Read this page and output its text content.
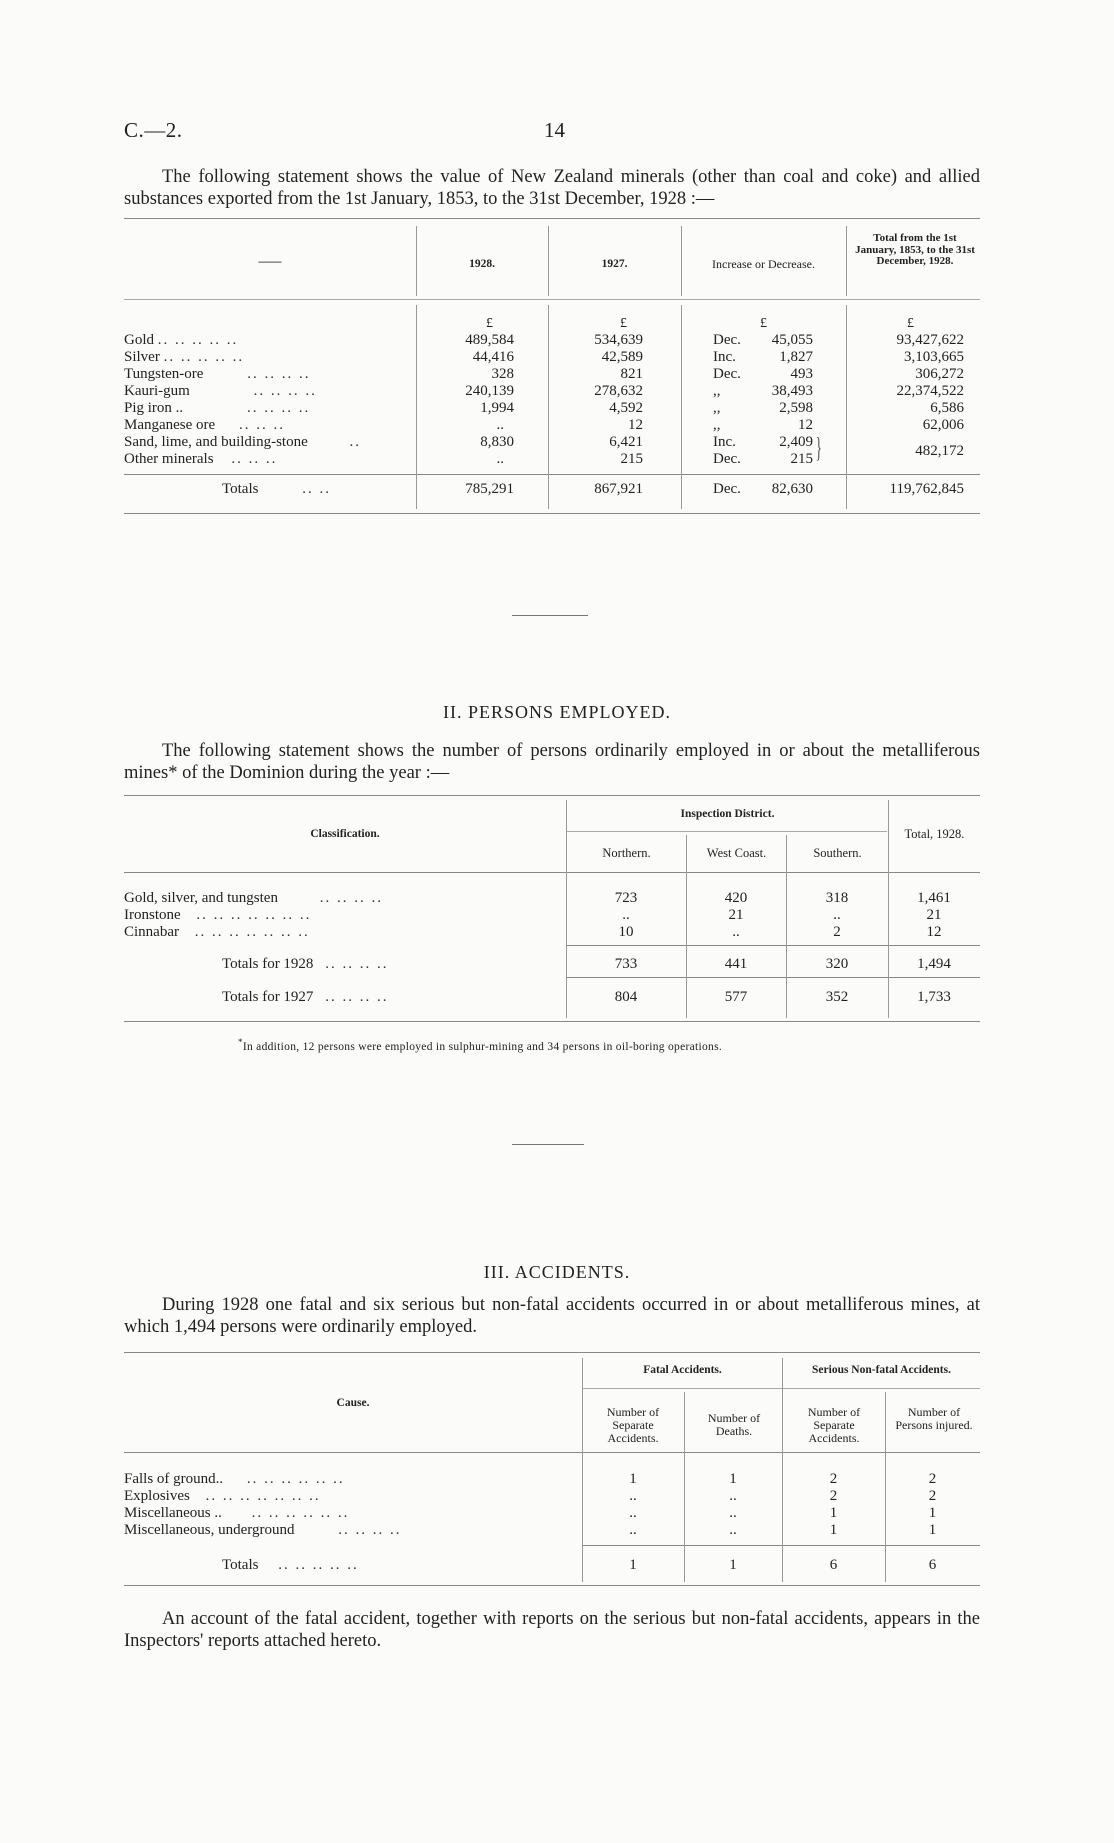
C.—2.	14
The following statement shows the value of New Zealand minerals (other than coal and coke) and allied substances exported from the 1st January, 1853, to the 31st December, 1928 :—
——	1928.	1927.	Increase or Decrease.
Total from the 1st January, 1853, to the 31st December, 1928.
£	£	£	£
Gold .. .. .. .. ..	489,584	534,639	Dec.	45,055	93,427,622
Silver .. .. .. .. ..	44,416	42,589	Inc.	1,827	3,103,665
Tungsten-ore .. .. .. ..	328	821	Dec.	493	306,272
Kauri-gum .. .. .. ..	240,139	278,632	,,	38,493	22,374,522
Pig iron .. .. .. .. ..	1,994	4,592	,,	2,598	6,586
Manganese ore .. .. ..	..	12	,,	12	62,006
Sand, lime, and building-stone ..	8,830	6,421	Inc.	2,409	482,172
Other minerals .. .. ..	..	215	Dec.	215	}
Totals	.. ..	785,291	867,921	Dec.	82,630	119,762,845
II. PERSONS EMPLOYED.
The following statement shows the number of persons ordinarily employed in or about the metalliferous mines* of the Dominion during the year :—
Classification.
Inspection District.
Northern.	West Coast.	Southern.
Total, 1928.
Gold, silver, and tungsten .. .. .. ..	723	420	318	1,461
Ironstone .. .. .. .. .. .. ..	..	21	..	21
Cinnabar .. .. .. .. .. .. ..	10	..	2	12
Totals for 1928 .. .. .. ..	733	441	320	1,494
Totals for 1927 .. .. .. ..	804	577	352	1,733
*In addition, 12 persons were employed in sulphur-mining and 34 persons in oil-boring operations.
III. ACCIDENTS.
During 1928 one fatal and six serious but non-fatal accidents occurred in or about metalliferous mines, at which 1,494 persons were ordinarily employed.
Cause.
Fatal Accidents.	Serious Non-fatal Accidents.
Number of Separate Accidents.
Number of Deaths.
Number of Separate Accidents.
Number of Persons injured.
Falls of ground.. .. .. .. .. .. ..	1	1	2	2
Explosives .. .. .. .. .. .. ..	..	..	2	2
Miscellaneous .. .. .. .. .. .. ..	..	..	1	1
Miscellaneous, underground .. .. .. ..	..	..	1	1
Totals .. .. .. .. ..	1	1	6	6
An account of the fatal accident, together with reports on the serious but non-fatal accidents, appears in the Inspectors' reports attached hereto.
